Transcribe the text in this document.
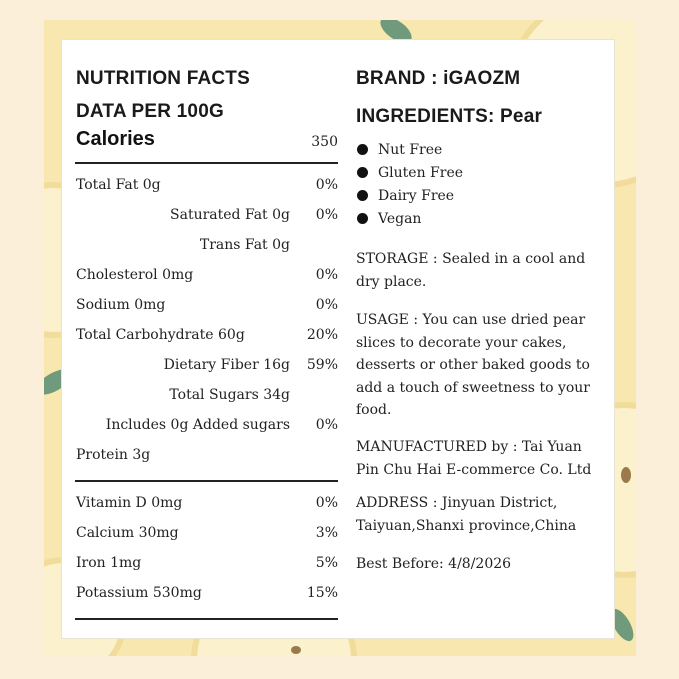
NUTRITION FACTS
DATA PER 100G
Calories	350
Total Fat 0g	0%
Saturated Fat 0g 0%
Trans Fat 0g
Cholesterol 0mg	0%
Sodium 0mg	0%
Total Carbohydrate 60g	20%
Dietary Fiber 16g 59%
Total Sugars 34g
Includes 0g Added sugars 0%
Protein 3g
Vitamin D 0mg	0%
Calcium 30mg	3%
Iron 1mg	5%
Potassium 530mg	15%
BRAND : iGAOZM
INGREDIENTS: Pear
Nut Free
Gluten Free
Dairy Free
Vegan
STORAGE : Sealed in a cool and dry place.
USAGE : You can use dried pear slices to decorate your cakes, desserts or other baked goods to add a touch of sweetness to your food.
MANUFACTURED by : Tai Yuan Pin Chu Hai E-commerce Co. Ltd
ADDRESS : Jinyuan District, Taiyuan,Shanxi province,China
Best Before: 4/8/2026
